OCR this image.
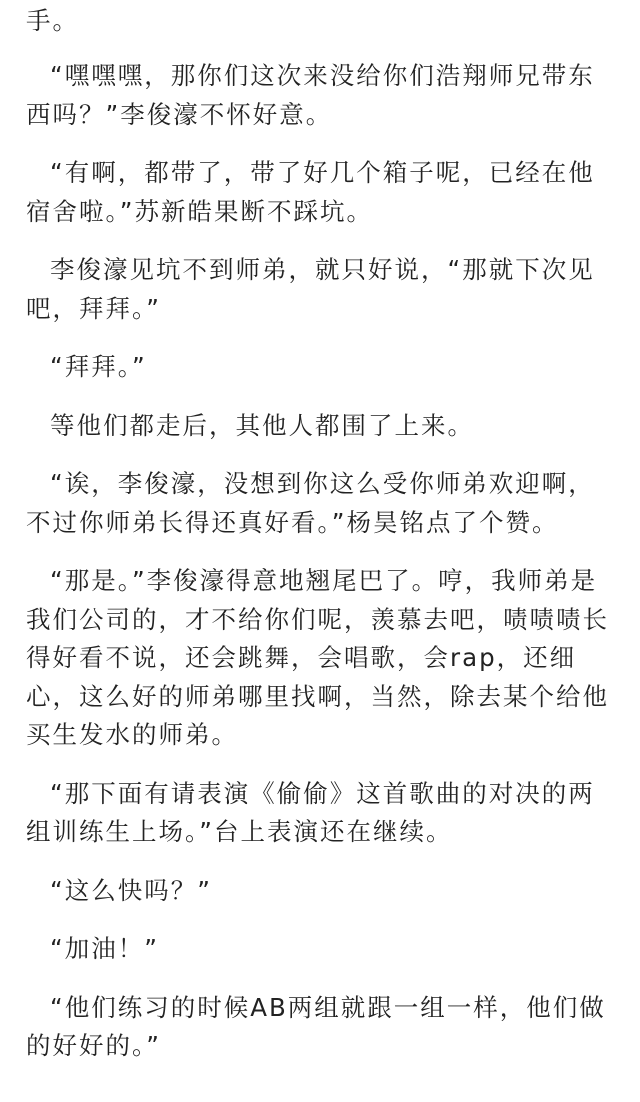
手。

“嘿嘿嘿，那你们这次来没给你们浩翔师兄带东西吗？”李俊濠不怀好意。

“有啊，都带了，带了好几个箱子呢，已经在他宿舍啦。”苏新皓果断不踩坑。

李俊濠见坑不到师弟，就只好说，“那就下次见吧，拜拜。”

“拜拜。”

等他们都走后，其他人都围了上来。

“诶，李俊濠，没想到你这么受你师弟欢迎啊，不过你师弟长得还真好看。”杨昊铭点了个赞。

“那是。”李俊濠得意地翘尾巴了。哼，我师弟是我们公司的，才不给你们呢，羡慕去吧，啧啧啧长得好看不说，还会跳舞，会唱歌，会rap，还细心，这么好的师弟哪里找啊，当然，除去某个给他买生发水的师弟。

“那下面有请表演《偷偷》这首歌曲的对决的两组训练生上场。”台上表演还在继续。

“这么快吗？”

“加油！”

“他们练习的时候AB两组就跟一组一样，他们做的好好的。”
